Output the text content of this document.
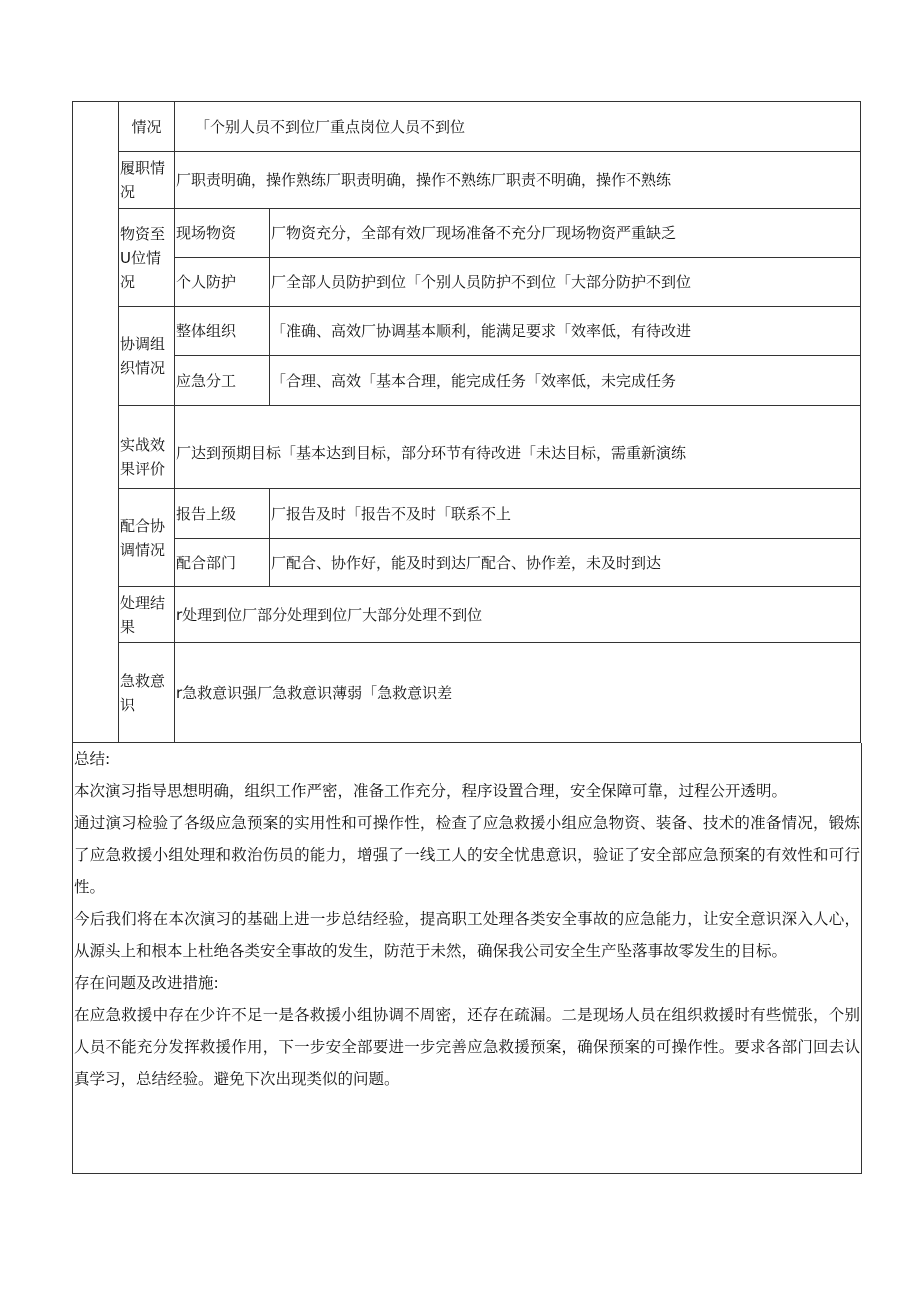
	情况	「个别人员不到位厂重点岗位人员不到位	
	履职情况	厂职责明确，操作熟练厂职责明确，操作不熟练厂职责不明确，操作不熟练	
	物资至U位情况	现场物资	厂物资充分，全部有效厂现场准备不充分厂现场物资严重缺乏
		个人防护	厂全部人员防护到位「个别人员防护不到位「大部分防护不到位
	协调组织情况	整体组织	「准确、高效厂协调基本顺利，能满足要求「效率低，有待改进
		应急分工	「合理、高效「基本合理，能完成任务「效率低，未完成任务
	实战效果评价	厂达到预期目标「基本达到目标，部分环节有待改进「未达目标，需重新演练	
	配合协调情况	报告上级	厂报告及时「报告不及时「联系不上
		配合部门	厂配合、协作好，能及时到达厂配合、协作差，未及时到达
	处理结果	r处理到位厂部分处理到位厂大部分处理不到位	
	急救意识	r急救意识强厂急救意识薄弱「急救意识差	

总结:

本次演习指导思想明确，组织工作严密，准备工作充分，程序设置合理，安全保障可靠，过程公开透明。

通过演习检验了各级应急预案的实用性和可操作性，检查了应急救援小组应急物资、装备、技术的准备情况，锻炼了应急救援小组处理和救治伤员的能力，增强了一线工人的安全忧患意识，验证了安全部应急预案的有效性和可行性。

今后我们将在本次演习的基础上进一步总结经验，提高职工处理各类安全事故的应急能力，让安全意识深入人心，从源头上和根本上杜绝各类安全事故的发生，防范于未然，确保我公司安全生产坠落事故零发生的目标。

存在问题及改进措施:

在应急救援中存在少许不足一是各救援小组协调不周密，还存在疏漏。二是现场人员在组织救援时有些慌张，个别人员不能充分发挥救援作用，下一步安全部要进一步完善应急救援预案，确保预案的可操作性。要求各部门回去认真学习，总结经验。避免下次出现类似的问题。
